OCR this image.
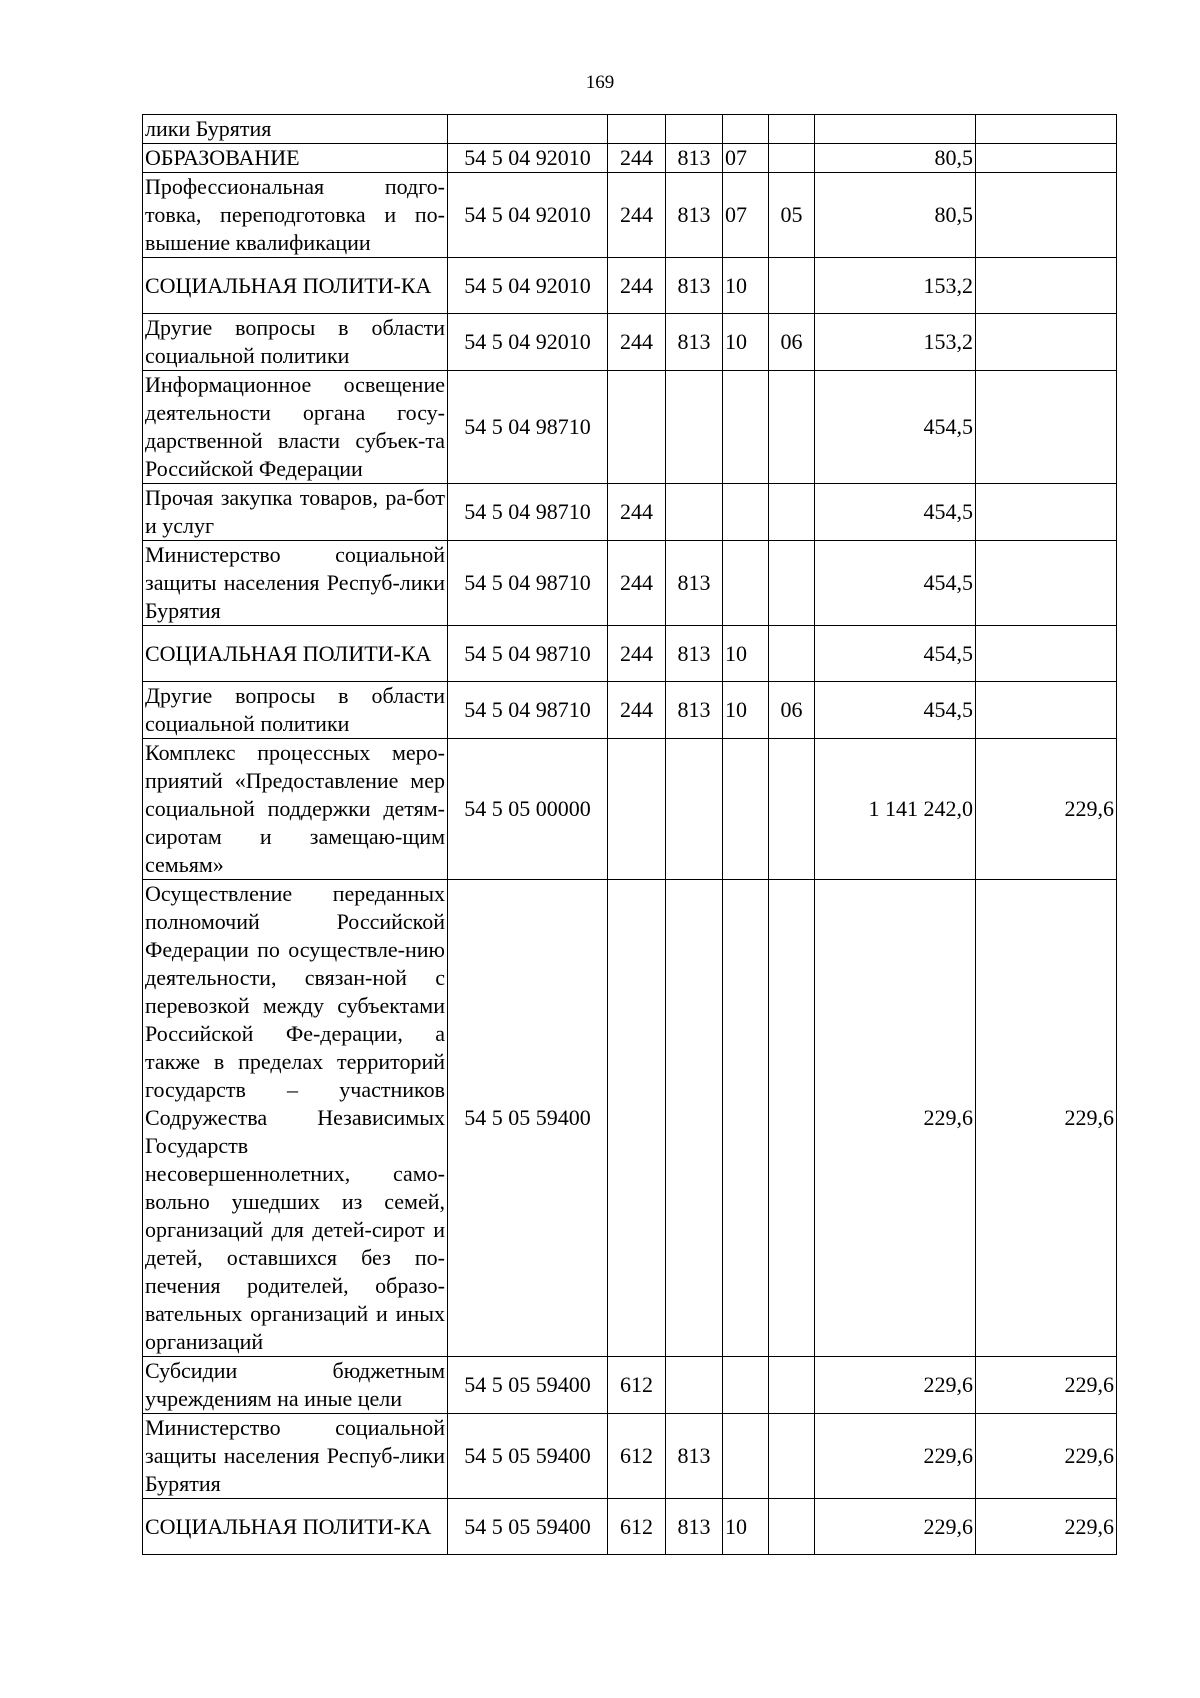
169
лики Бурятия							
ОБРАЗОВАНИЕ	54 5 04 92010	244	813	07		80,5	
Профессиональная подго-товка, переподготовка и по-вышение квалификации	54 5 04 92010	244	813	07	05	80,5	
СОЦИАЛЬНАЯ ПОЛИТИ-КА	54 5 04 92010	244	813	10		153,2	
Другие вопросы в области социальной политики	54 5 04 92010	244	813	10	06	153,2	
Информационное освещение деятельности органа госу-дарственной власти субъек-та Российской Федерации	54 5 04 98710					454,5	
Прочая закупка товаров, ра-бот и услуг	54 5 04 98710	244				454,5	
Министерство социальной защиты населения Респуб-лики Бурятия	54 5 04 98710	244	813			454,5	
СОЦИАЛЬНАЯ ПОЛИТИ-КА	54 5 04 98710	244	813	10		454,5	
Другие вопросы в области социальной политики	54 5 04 98710	244	813	10	06	454,5	
Комплекс процессных меро-приятий «Предоставление мер социальной поддержки детям-сиротам и замещаю-щим семьям»	54 5 05 00000					1 141 242,0	229,6
Осуществление переданных полномочий Российской Федерации по осуществле-нию деятельности, связан-ной с перевозкой между субъектами Российской Фе-дерации, а также в пределах территорий государств – участников Содружества Независимых Государств несовершеннолетних, само-вольно ушедших из семей, организаций для детей-сирот и детей, оставшихся без по-печения родителей, образо-вательных организаций и иных организаций	54 5 05 59400					229,6	229,6
Субсидии бюджетным учреждениям на иные цели	54 5 05 59400	612				229,6	229,6
Министерство социальной защиты населения Респуб-лики Бурятия	54 5 05 59400	612	813			229,6	229,6
СОЦИАЛЬНАЯ ПОЛИТИ-КА	54 5 05 59400	612	813	10		229,6	229,6
